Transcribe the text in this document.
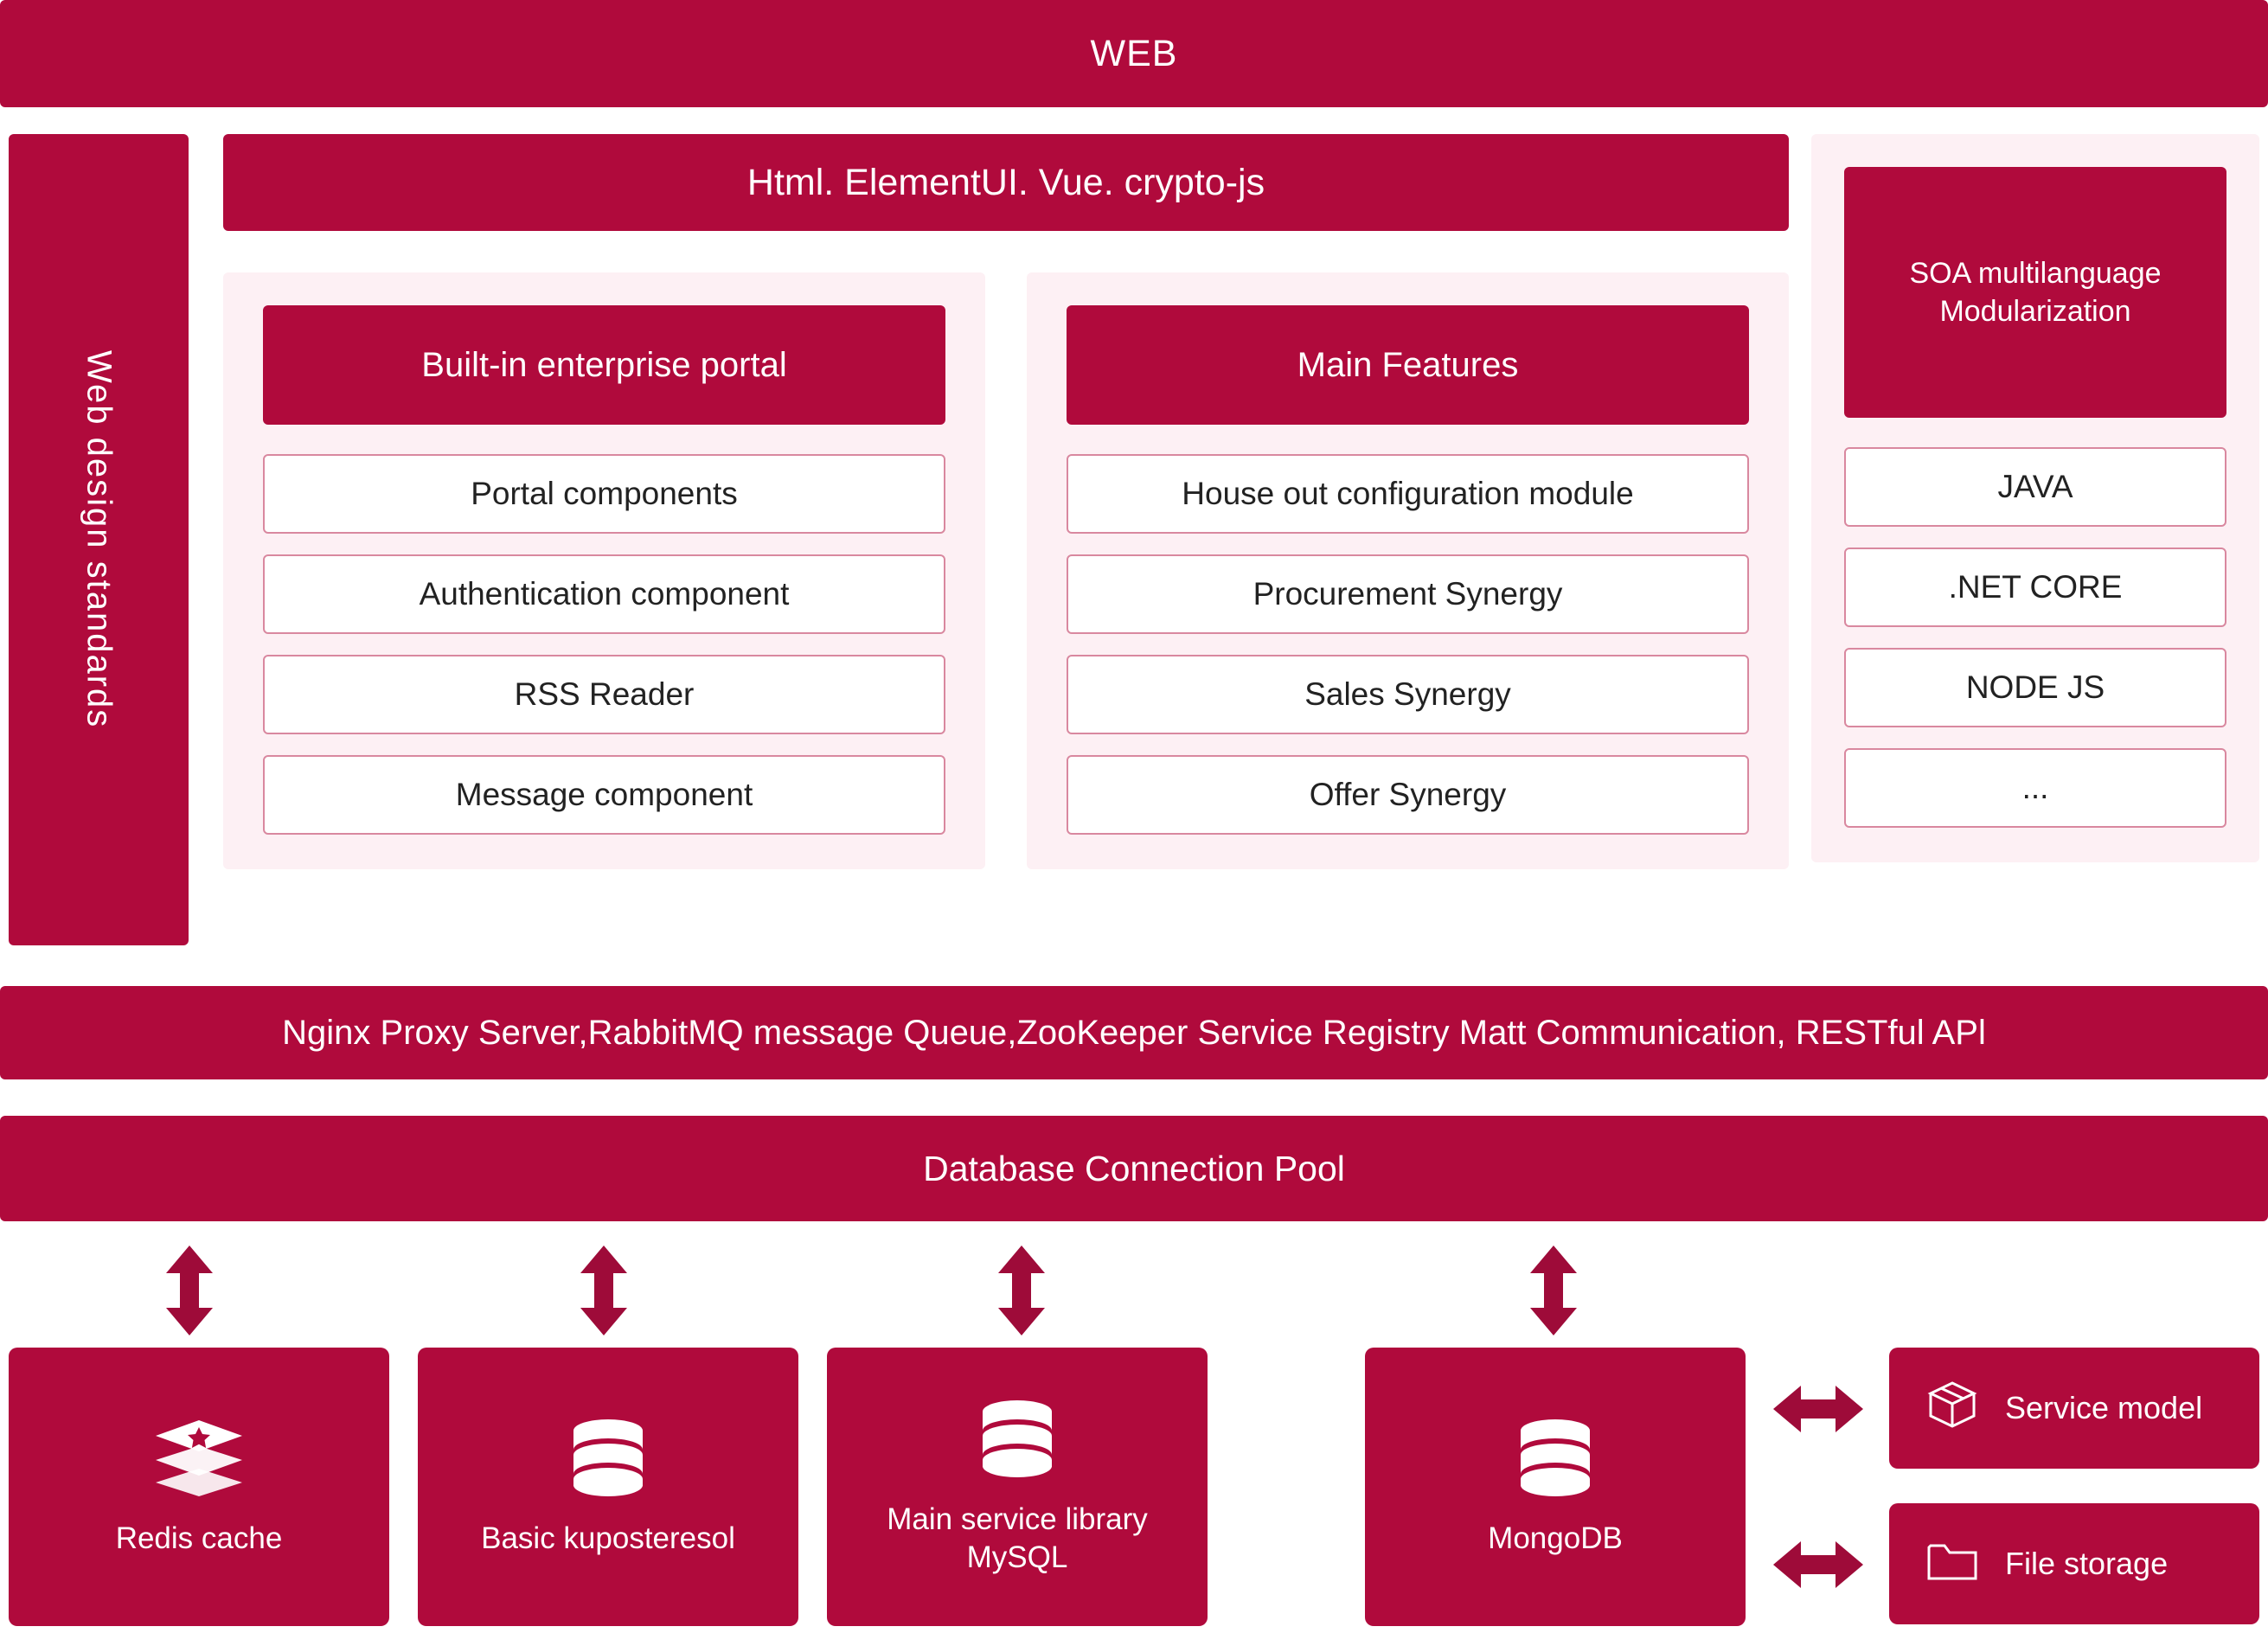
WEB
Web design standards
Html. ElementUI. Vue. crypto-js
Built-in enterprise portal
Portal components
Authentication component
RSS Reader
Message component
Main Features
House out configuration module
Procurement Synergy
Sales Synergy
Offer Synergy
SOA multilanguage Modularization
JAVA
.NET CORE
NODE JS
...
Nginx Proxy Server,RabbitMQ message Queue,ZooKeeper Service Registry Matt Communication, RESTful APl
Database Connection Pool
Redis cache	Basic kuposteresol
Main service library MySQL
MongoDB
Service model
File storage
